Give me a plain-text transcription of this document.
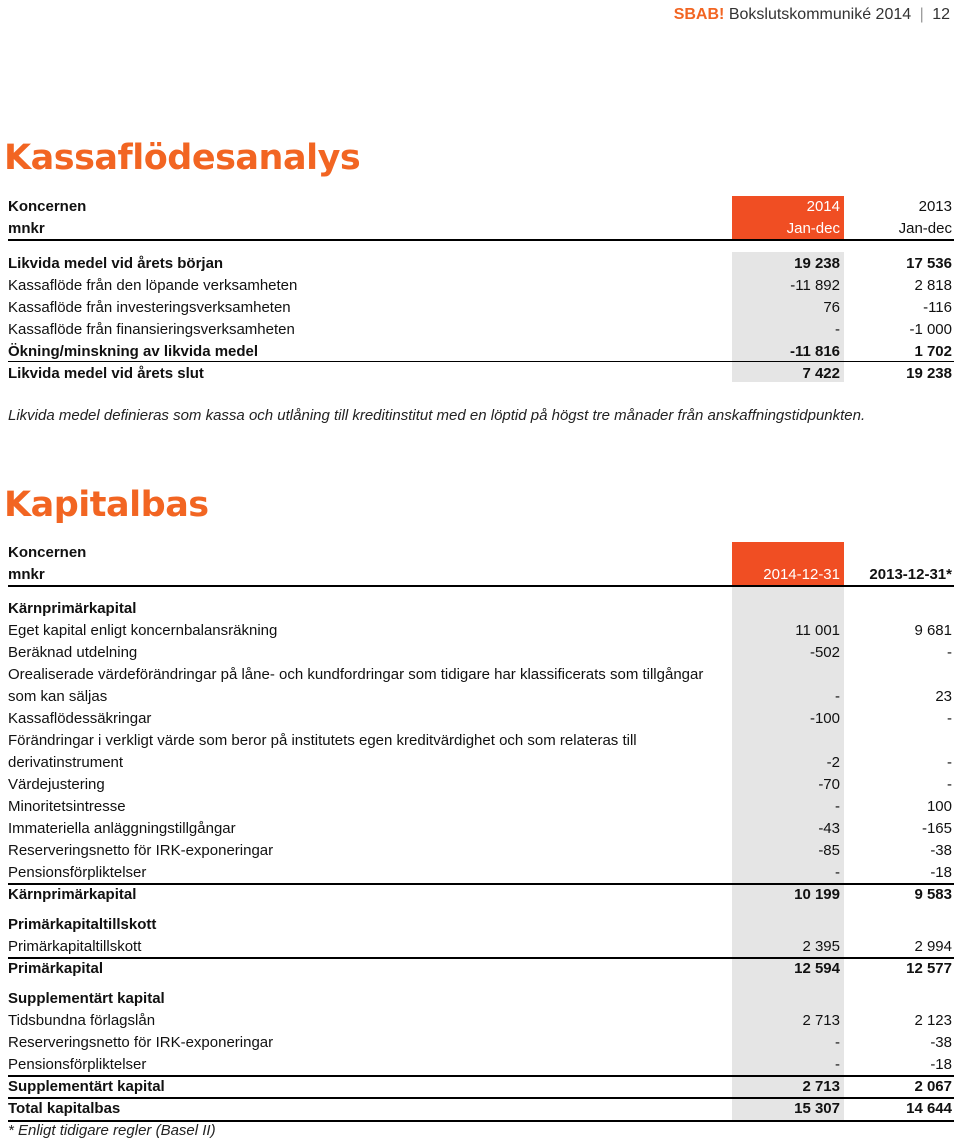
SBAB! Bokslutskommuniké 2014 | 12
Kassaflödesanalys
Koncernen	2014	2013
mnkr	Jan-dec	Jan-dec
Likvida medel vid årets början	19 238	17 536
Kassaflöde från den löpande verksamheten	-11 892	2 818
Kassaflöde från investeringsverksamheten	76	-116
Kassaflöde från finansieringsverksamheten	-	-1 000
Ökning/minskning av likvida medel	-11 816	1 702
Likvida medel vid årets slut	7 422	19 238
Likvida medel definieras som kassa och utlåning till kreditinstitut med en löptid på högst tre månader från anskaffningstidpunkten.
Kapitalbas
Koncernen
mnkr	2014-12-31	2013-12-31*
Kärnprimärkapital
Eget kapital enligt koncernbalansräkning	11 001	9 681
Beräknad utdelning	-502	-
Orealiserade värdeförändringar på låne- och kundfordringar som tidigare har klassificerats som tillgångar som kan säljas	-	23
Kassaflödessäkringar	-100	-
Förändringar i verkligt värde som beror på institutets egen kreditvärdighet och som relateras till derivatinstrument	-2	-
Värdejustering	-70	-
Minoritetsintresse	-	100
Immateriella anläggningstillgångar	-43	-165
Reserveringsnetto för IRK-exponeringar	-85	-38
Pensionsförpliktelser	-	-18
Kärnprimärkapital	10 199	9 583
Primärkapitaltillskott
Primärkapitaltillskott	2 395	2 994
Primärkapital	12 594	12 577
Supplementärt kapital
Tidsbundna förlagslån	2 713	2 123
Reserveringsnetto för IRK-exponeringar	-	-38
Pensionsförpliktelser	-	-18
Supplementärt kapital	2 713	2 067
Total kapitalbas	15 307	14 644
* Enligt tidigare regler (Basel II)
